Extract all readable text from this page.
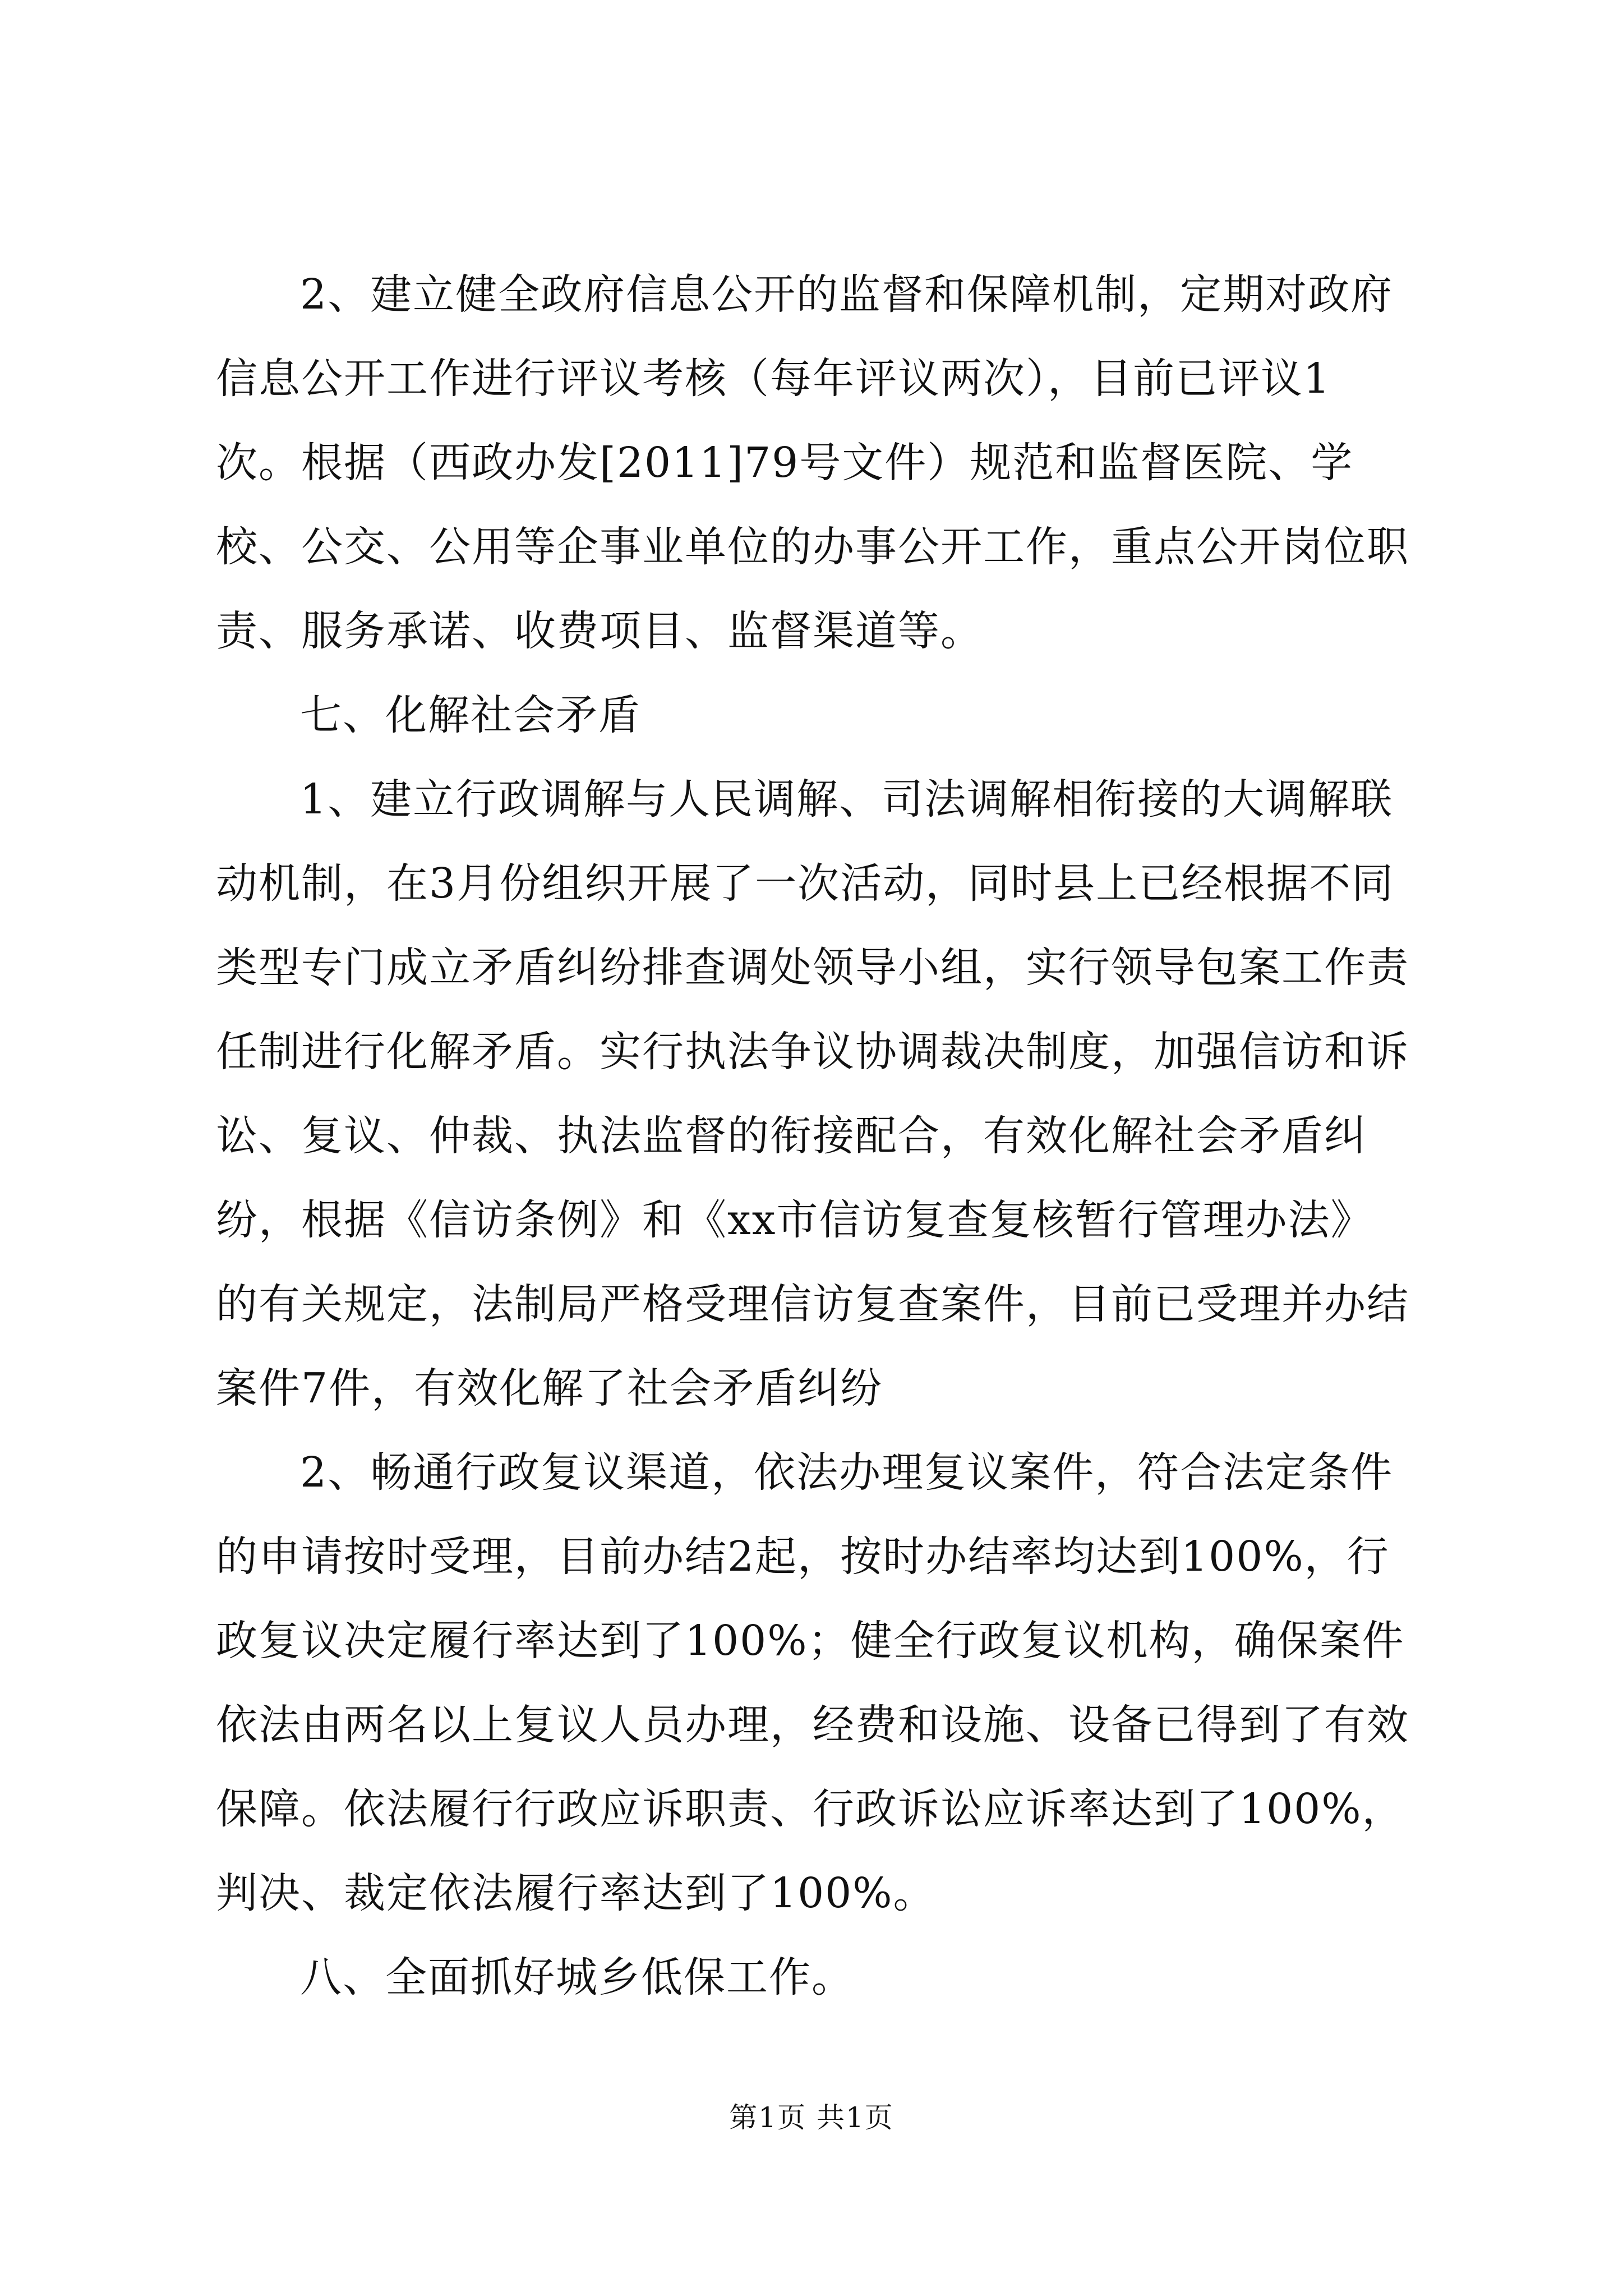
2、建立健全政府信息公开的监督和保障机制，定期对政府信息公开工作进行评议考核（每年评议两次），目前已评议1次。根据（西政办发[2011]79号文件）规范和监督医院、学校、公交、公用等企事业单位的办事公开工作，重点公开岗位职责、服务承诺、收费项目、监督渠道等。

七、化解社会矛盾

1、建立行政调解与人民调解、司法调解相衔接的大调解联动机制，在3月份组织开展了一次活动，同时县上已经根据不同类型专门成立矛盾纠纷排查调处领导小组，实行领导包案工作责任制进行化解矛盾。实行执法争议协调裁决制度，加强信访和诉讼、复议、仲裁、执法监督的衔接配合，有效化解社会矛盾纠纷，根据《信访条例》和《xx市信访复查复核暂行管理办法》的有关规定，法制局严格受理信访复查案件，目前已受理并办结案件7件，有效化解了社会矛盾纠纷

2、畅通行政复议渠道，依法办理复议案件，符合法定条件的申请按时受理，目前办结2起，按时办结率均达到100%，行政复议决定履行率达到了100%；健全行政复议机构，确保案件依法由两名以上复议人员办理，经费和设施、设备已得到了有效保障。依法履行行政应诉职责、行政诉讼应诉率达到了100%，判决、裁定依法履行率达到了100%。

八、全面抓好城乡低保工作。

第1页 共1页
